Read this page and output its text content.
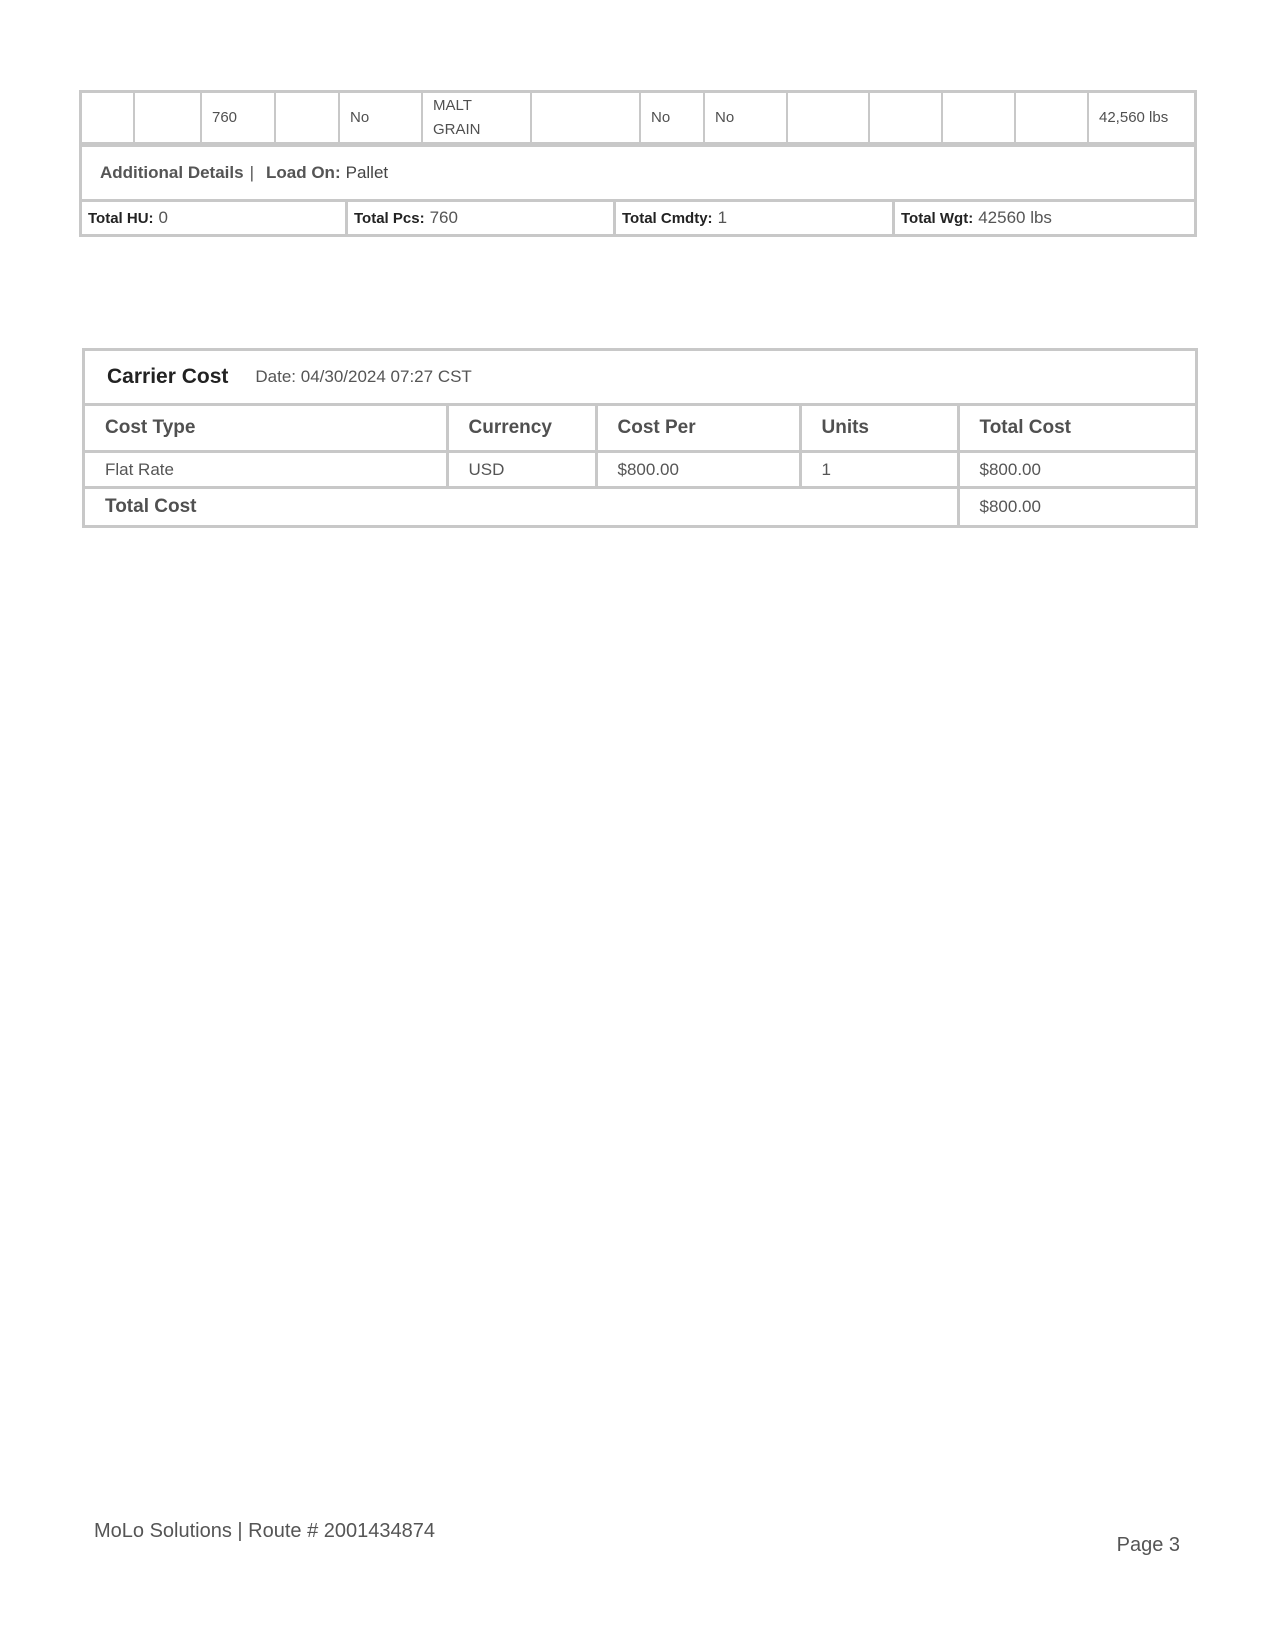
		760		No	MALT GRAIN		No	No					42,560 lbs
Additional Details | Load On: Pallet
Total HU: 0	Total Pcs: 760	Total Cmdty: 1	Total Wgt: 42560 lbs
Carrier Cost Date: 04/30/2024 07:27 CST
Cost Type	Currency	Cost Per	Units	Total Cost
Flat Rate	USD	$800.00	1	$800.00
Total Cost				$800.00
MoLo Solutions | Route # 2001434874
Page 3
